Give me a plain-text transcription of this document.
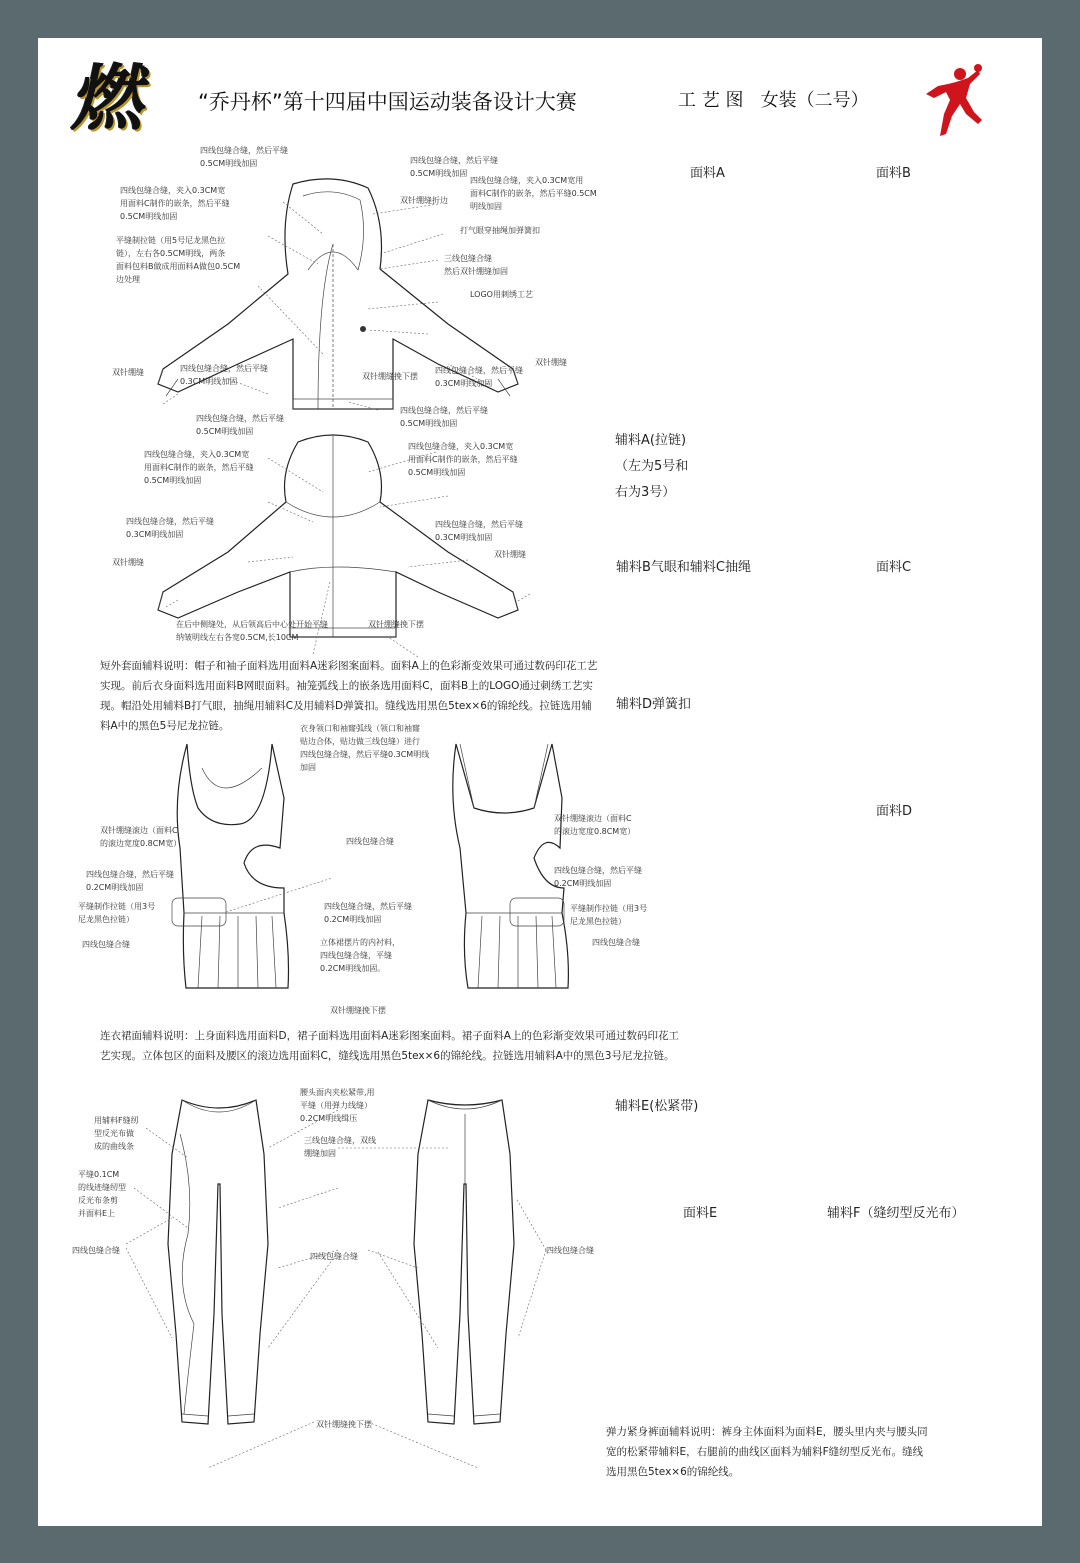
燃	“乔丹杯”第十四届中国运动装备设计大赛	工 艺 图   女装（二号）
面料A	面料B
辅料A(拉链)
（左为5号和
右为3号）
辅料B气眼和辅料C抽绳	面料C
辅料D弹簧扣
面料D
辅料E(松紧带)
面料E	辅料F（缝纫型反光布）
四线包缝合缝，然后平缝
0.5CM明线加固
四线包缝合缝，夹入0.3CM宽
用面料C制作的嵌条，然后平缝
0.5CM明线加固
平缝制拉链（用5号尼龙黑色拉
链），左右各0.5CM明线，两条
面料包料B做成用面料A做包0.5CM
边处理
双针绷缝	四线包缝合缝，然后平缝
0.3CM明线加固
双针绷缝挽下摆
四线包缝合缝，然后平缝
0.5CM明线加固
四线包缝合缝，夹入0.3CM宽用
面料C制作的嵌条，然后平缝0.5CM
明线加固
双针绷缝折边
打气眼穿抽绳加弹簧扣
三线包缝合缝
然后双针绷缝加固
LOGO用刺绣工艺
四线包缝合缝，然后平缝
0.3CM明线加固
双针绷缝
四线包缝合缝，然后平缝
0.5CM明线加固
四线包缝合缝，夹入0.3CM宽
用面料C制作的嵌条，然后平缝
0.5CM明线加固
四线包缝合缝，然后平缝
0.3CM明线加固
双针绷缝
在后中侧缝处，从后领高后中心处开始平缝
纳皱明线左右各宽0.5CM,长10CM
双针绷缝挽下摆
四线包缝合缝，然后平缝
0.5CM明线加固
四线包缝合缝，夹入0.3CM宽
用面料C制作的嵌条，然后平缝
0.5CM明线加固
四线包缝合缝，然后平缝
0.3CM明线加固
双针绷缝
短外套面辅料说明：帽子和袖子面料选用面料A迷彩图案面料。面料A上的色彩渐变效果可通过数码印花工艺实现。前后衣身面料选用面料B网眼面料。袖笼弧线上的嵌条选用面料C，面料B上的LOGO通过刺绣工艺实现。帽沿处用辅料B打气眼，抽绳用辅料C及用辅料D弹簧扣。缝线选用黑色5tex×6的锦纶线。拉链选用辅料A中的黑色5号尼龙拉链。	衣身领口和袖窿弧线（领口和袖窿
贴边合体，贴边做三线包缝）进行
四线包缝合缝，然后平缝0.3CM明线
加固
双针绷缝滚边（面料C
的滚边宽度0.8CM宽）
四线包缝合缝，然后平缝
0.2CM明线加固
平缝制作拉链（用3号
尼龙黑色拉链）
四线包缝合缝
四线包缝合缝
四线包缝合缝，然后平缝
0.2CM明线加固
立体裙摆片的内衬料，
四线包缝合缝，平缝
0.2CM明线加固。
双针绷缝挽下摆
双针绷缝滚边（面料C
的滚边宽度0.8CM宽）
四线包缝合缝，然后平缝
0.2CM明线加固
平缝制作拉链（用3号
尼龙黑色拉链）
四线包缝合缝
连衣裙面辅料说明：上身面料选用面料D，裙子面料选用面料A迷彩图案面料。裙子面料A上的色彩渐变效果可通过数码印花工艺实现。立体包区的面料及腰区的滚边选用面料C，缝线选用黑色5tex×6的锦纶线。拉链选用辅料A中的黑色3号尼龙拉链。
用辅料F缝纫
型反光布做
成的曲线条
平缝0.1CM
的线迹缝纫型
反光布条剪
并面料E上
四线包缝合缝
腰头面内夹松紧带,用
平缝（用弹力线缝）
0.2CM明线缉压
三线包缝合缝，双线
绷缝加固
四线包缝合缝
四线包缝合缝
双针绷缝挽下摆
弹力紧身裤面辅料说明：裤身主体面料为面料E，腰头里内夹与腰头同宽的松紧带辅料E，右腿前的曲线区面料为辅料F缝纫型反光布。缝线选用黑色5tex×6的锦纶线。
